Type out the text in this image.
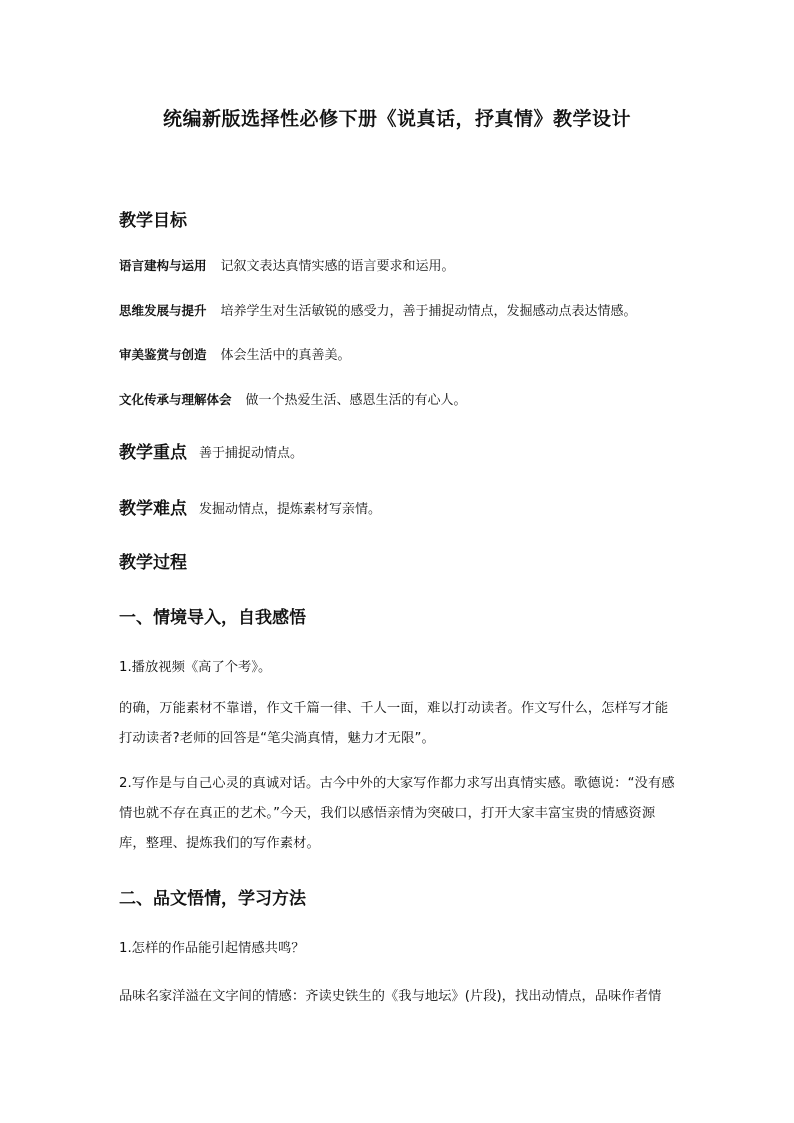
统编新版选择性必修下册《说真话，抒真情》教学设计
教学目标
语言建构与运用 记叙文表达真情实感的语言要求和运用。
思维发展与提升 培养学生对生活敏锐的感受力，善于捕捉动情点，发掘感动点表达情感。
审美鉴赏与创造 体会生活中的真善美。
文化传承与理解体会 做一个热爱生活、感恩生活的有心人。
教学重点 善于捕捉动情点。
教学难点 发掘动情点，提炼素材写亲情。
教学过程
一、情境导入，自我感悟
1.播放视频《高了个考》。
的确，万能素材不靠谱，作文千篇一律、千人一面，难以打动读者。作文写什么，怎样写才能打动读者?老师的回答是“笔尖淌真情，魅力才无限”。
2.写作是与自己心灵的真诚对话。古今中外的大家写作都力求写出真情实感。歌德说：“没有感情也就不存在真正的艺术。”今天，我们以感悟亲情为突破口，打开大家丰富宝贵的情感资源库，整理、提炼我们的写作素材。
二、品文悟情，学习方法
1.怎样的作品能引起情感共鸣？
品味名家洋溢在文字间的情感：齐读史铁生的《我与地坛》(片段)，找出动情点，品味作者情
